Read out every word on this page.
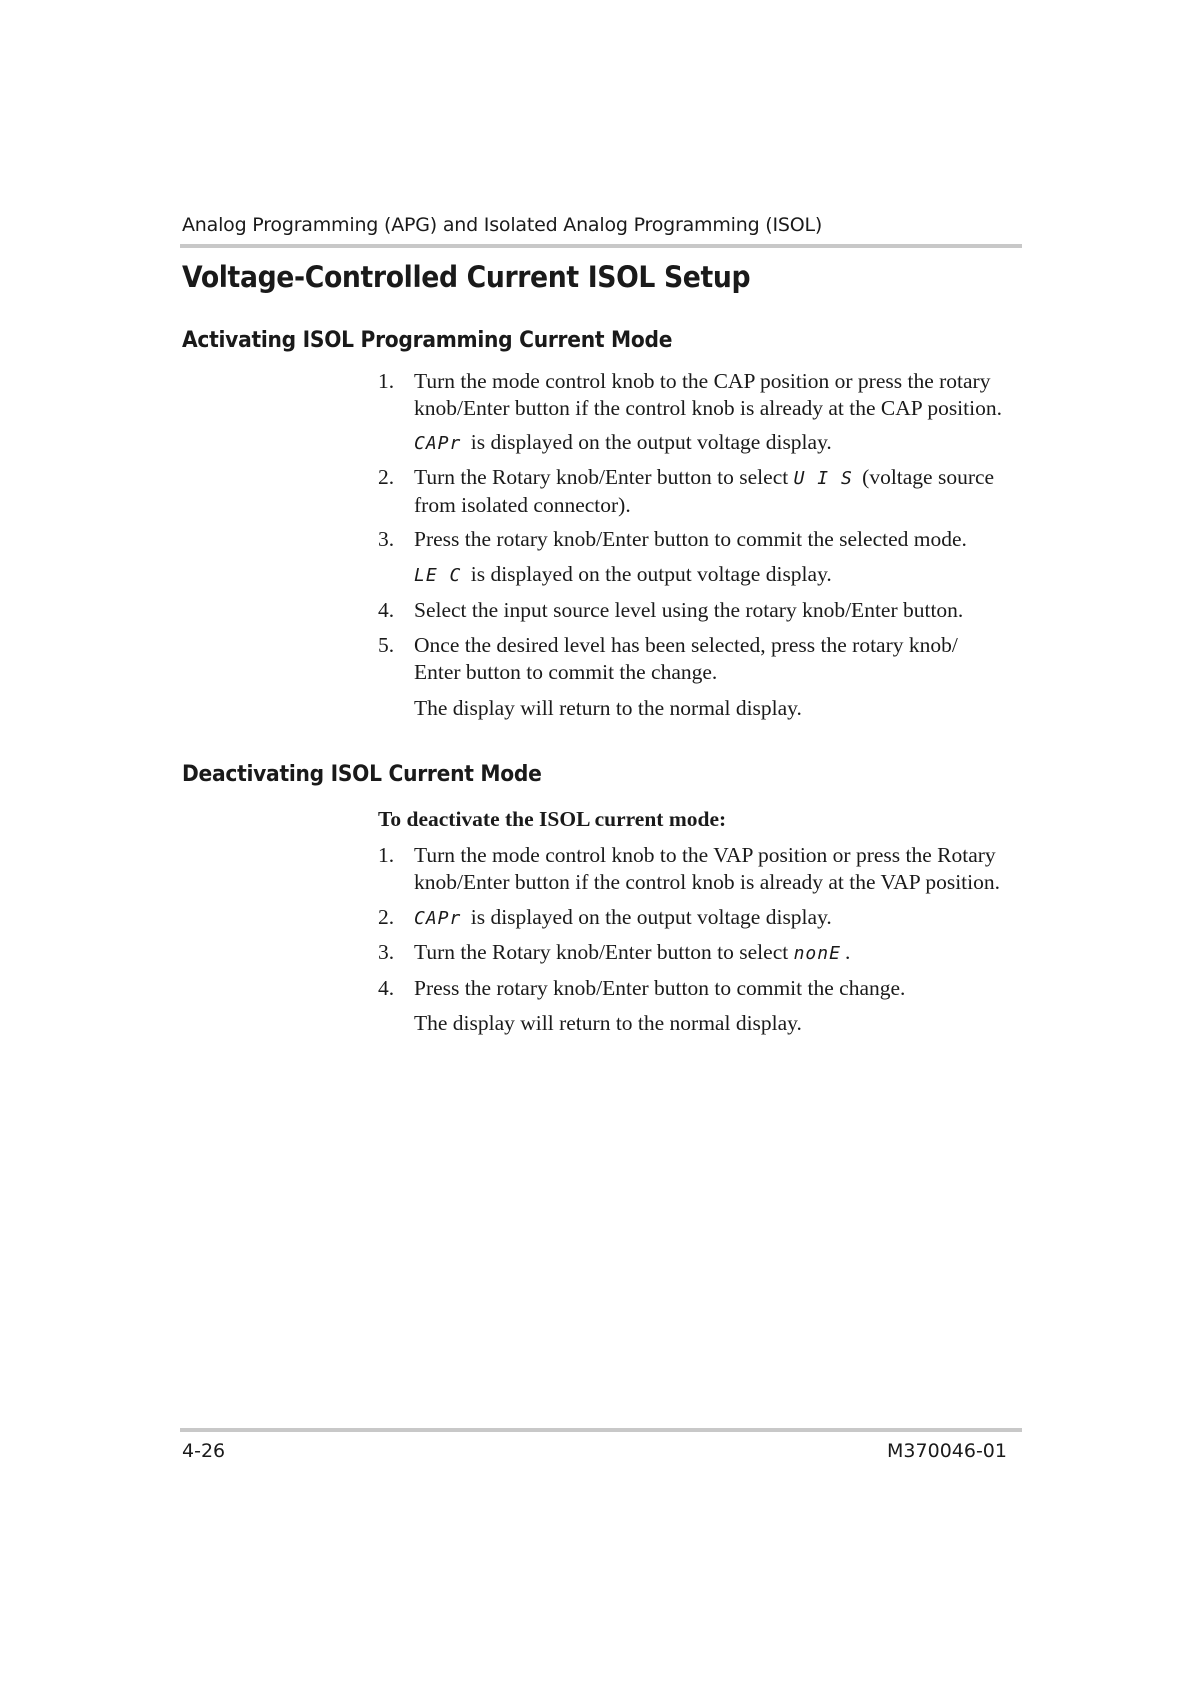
Analog Programming (APG) and Isolated Analog Programming (ISOL)
Voltage-Controlled Current ISOL Setup
Activating ISOL Programming Current Mode
1. Turn the mode control knob to the CAP position or press the rotary
knob/Enter button if the control knob is already at the CAP position.
CAPr is displayed on the output voltage display.
2. Turn the Rotary knob/Enter button to select U I S (voltage source
from isolated connector).
3. Press the rotary knob/Enter button to commit the selected mode.
LE C is displayed on the output voltage display.
4. Select the input source level using the rotary knob/Enter button.
5. Once the desired level has been selected, press the rotary knob/
Enter button to commit the change.
The display will return to the normal display.
Deactivating ISOL Current Mode
To deactivate the ISOL current mode:
1. Turn the mode control knob to the VAP position or press the Rotary
knob/Enter button if the control knob is already at the VAP position.
2.	CAPr is displayed on the output voltage display.
3. Turn the Rotary knob/Enter button to select nonE .
4. Press the rotary knob/Enter button to commit the change.
The display will return to the normal display.
4-26	M370046-01
